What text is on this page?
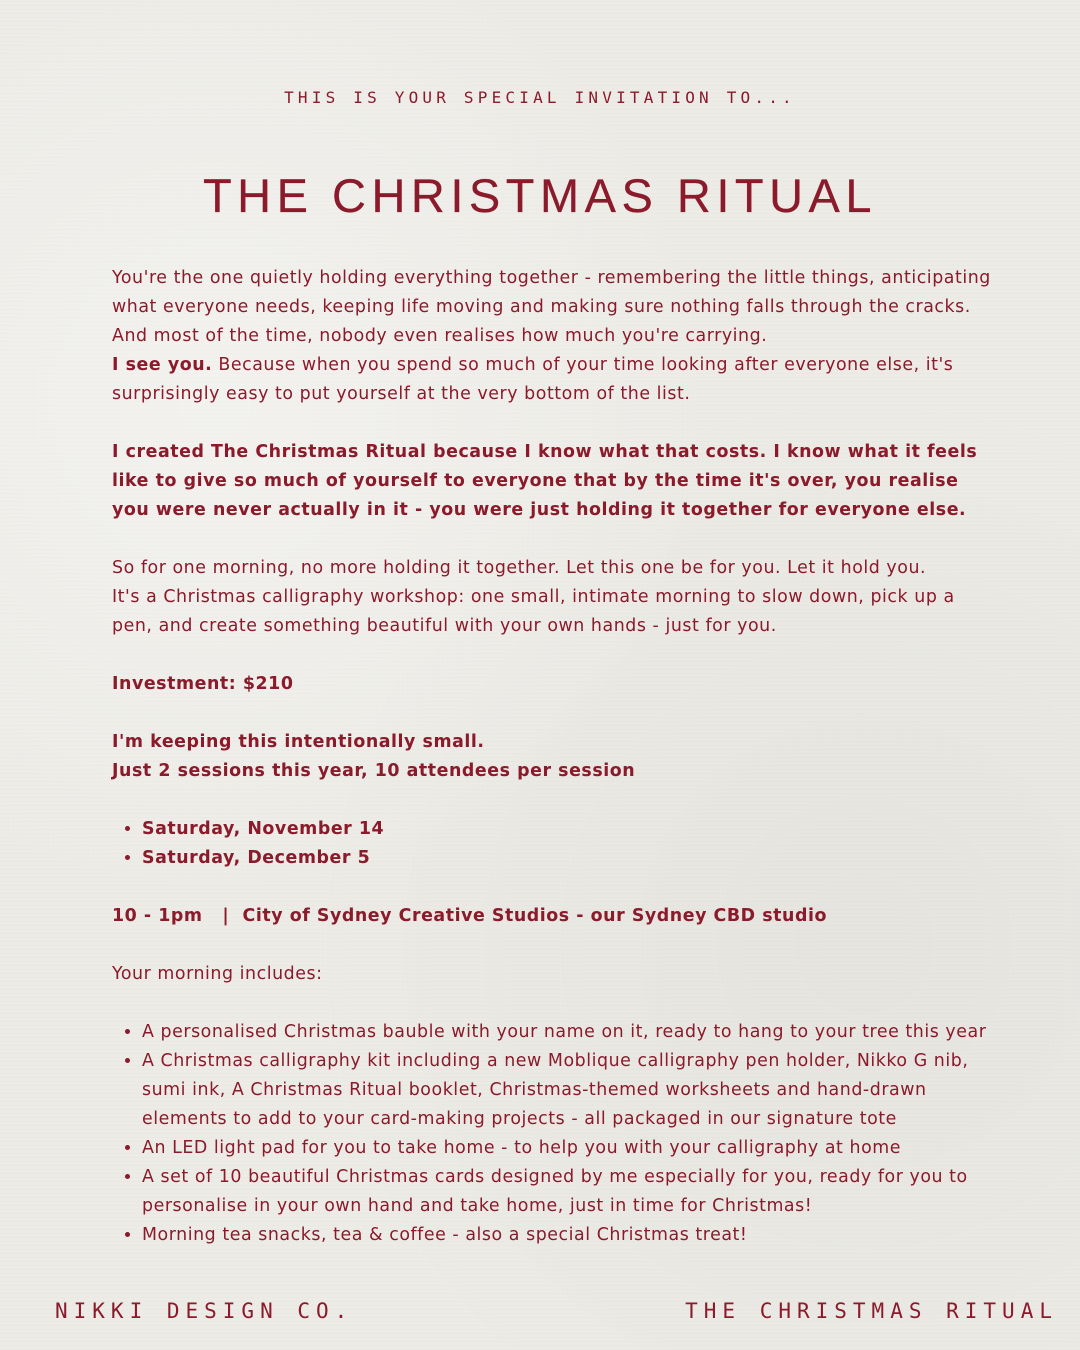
THIS IS YOUR SPECIAL INVITATION TO...
THE CHRISTMAS RITUAL

You're the one quietly holding everything together - remembering the little things, anticipating what everyone needs, keeping life moving and making sure nothing falls through the cracks. And most of the time, nobody even realises how much you're carrying.
I see you. Because when you spend so much of your time looking after everyone else, it's surprisingly easy to put yourself at the very bottom of the list.

I created The Christmas Ritual because I know what that costs. I know what it feels like to give so much of yourself to everyone that by the time it's over, you realise you were never actually in it - you were just holding it together for everyone else.

So for one morning, no more holding it together. Let this one be for you. Let it hold you.
It's a Christmas calligraphy workshop: one small, intimate morning to slow down, pick up a pen, and create something beautiful with your own hands - just for you.

Investment: $210

I'm keeping this intentionally small.
Just 2 sessions this year, 10 attendees per session

• Saturday, November 14
• Saturday, December 5

10 - 1pm   |  City of Sydney Creative Studios - our Sydney CBD studio

Your morning includes:

• A personalised Christmas bauble with your name on it, ready to hang to your tree this year
• A Christmas calligraphy kit including a new Moblique calligraphy pen holder, Nikko G nib, sumi ink, A Christmas Ritual booklet, Christmas-themed worksheets and hand-drawn elements to add to your card-making projects - all packaged in our signature tote
• An LED light pad for you to take home - to help you with your calligraphy at home
• A set of 10 beautiful Christmas cards designed by me especially for you, ready for you to personalise in your own hand and take home, just in time for Christmas!
• Morning tea snacks, tea & coffee - also a special Christmas treat!
NIKKI DESIGN CO.	THE CHRISTMAS RITUAL
